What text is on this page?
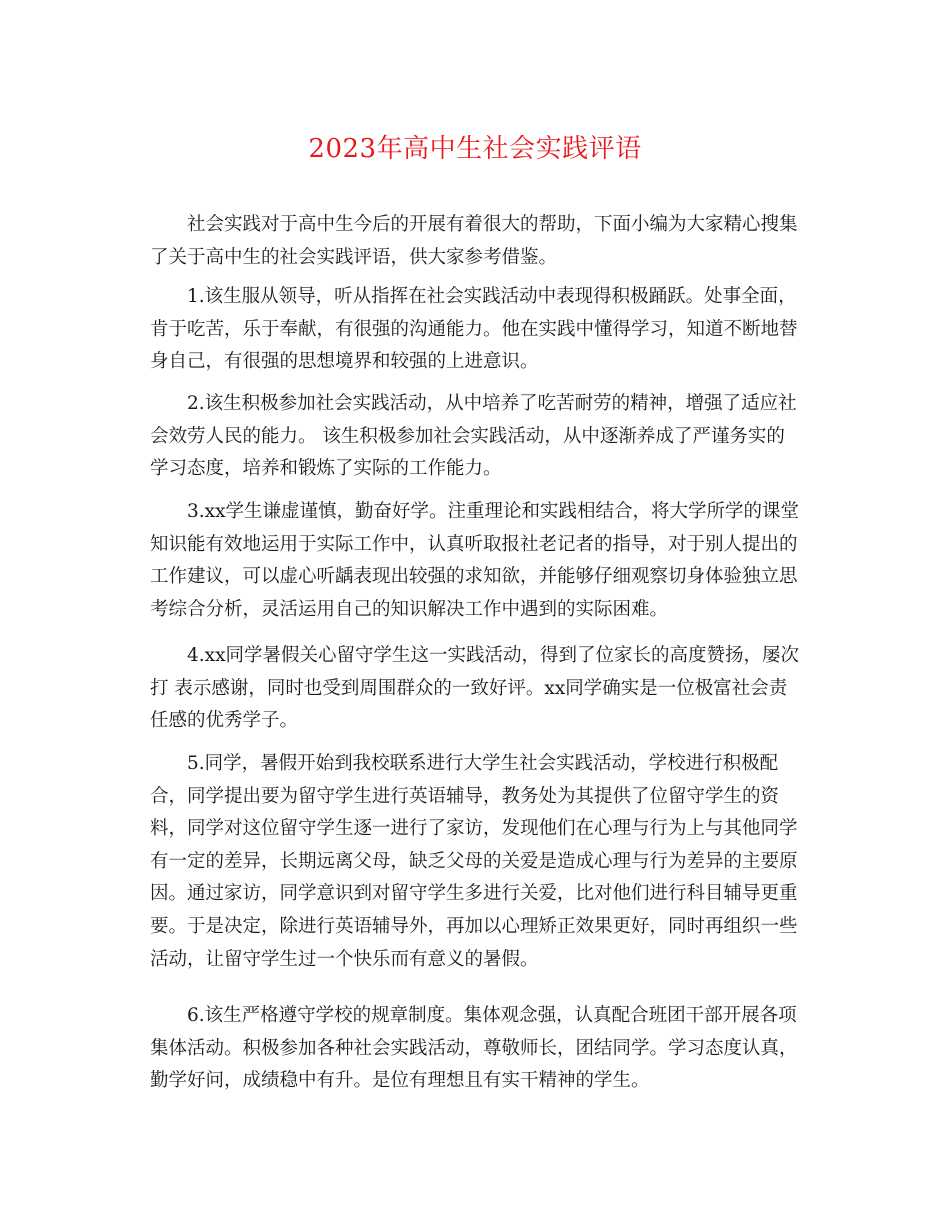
2023年高中生社会实践评语
社会实践对于高中生今后的开展有着很大的帮助，下面小编为大家精心搜集
了关于高中生的社会实践评语，供大家参考借鉴。
1.该生服从领导，听从指挥在社会实践活动中表现得积极踊跃。处事全面，
肯于吃苦，乐于奉献，有很强的沟通能力。他在实践中懂得学习，知道不断地替
身自己，有很强的思想境界和较强的上进意识。
2.该生积极参加社会实践活动，从中培养了吃苦耐劳的精神，增强了适应社
会效劳人民的能力。 该生积极参加社会实践活动，从中逐渐养成了严谨务实的
学习态度，培养和锻炼了实际的工作能力。
3.xx学生谦虚谨慎，勤奋好学。注重理论和实践相结合，将大学所学的课堂
知识能有效地运用于实际工作中，认真听取报社老记者的指导，对于别人提出的
工作建议，可以虚心听龋表现出较强的求知欲，并能够仔细观察切身体验独立思
考综合分析，灵活运用自己的知识解决工作中遇到的实际困难。
4.xx同学暑假关心留守学生这一实践活动，得到了位家长的高度赞扬，屡次
打 表示感谢，同时也受到周围群众的一致好评。xx同学确实是一位极富社会责
任感的优秀学子。
5.同学，暑假开始到我校联系进行大学生社会实践活动，学校进行积极配
合，同学提出要为留守学生进行英语辅导，教务处为其提供了位留守学生的资
料，同学对这位留守学生逐一进行了家访，发现他们在心理与行为上与其他同学
有一定的差异，长期远离父母，缺乏父母的关爱是造成心理与行为差异的主要原
因。通过家访，同学意识到对留守学生多进行关爱，比对他们进行科目辅导更重
要。于是决定，除进行英语辅导外，再加以心理矫正效果更好，同时再组织一些
活动，让留守学生过一个快乐而有意义的暑假。
6.该生严格遵守学校的规章制度。集体观念强，认真配合班团干部开展各项
集体活动。积极参加各种社会实践活动，尊敬师长，团结同学。学习态度认真，
勤学好问，成绩稳中有升。是位有理想且有实干精神的学生。
